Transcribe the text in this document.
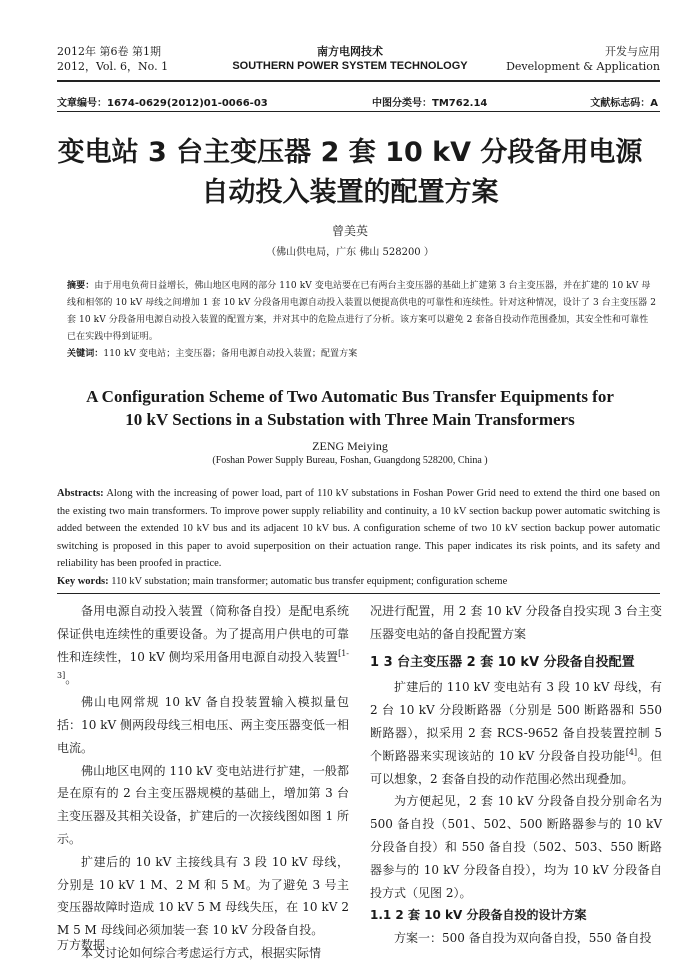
2012年 第6卷 第1期
2012，Vol. 6，No. 1
南方电网技术
SOUTHERN POWER SYSTEM TECHNOLOGY
开发与应用
Development & Application
文章编号：1674-0629(2012)01-0066-03	中图分类号：TM762.14	文献标志码：A
变电站 3 台主变压器 2 套 10 kV 分段备用电源
自动投入装置的配置方案
曾美英
（佛山供电局，广东 佛山 528200 ）
摘要：由于用电负荷日益增长，佛山地区电网的部分 110 kV 变电站要在已有两台主变压器的基础上扩建第 3 台主变压器，并在扩建的 10 kV 母线和相邻的 10 kV 母线之间增加 1 套 10 kV 分段备用电源自动投入装置以便提高供电的可靠性和连续性。针对这种情况，设计了 3 台主变压器 2 套 10 kV 分段备用电源自动投入装置的配置方案，并对其中的危险点进行了分析。该方案可以避免 2 套备自投动作范围叠加，其安全性和可靠性已在实践中得到证明。
关键词：110 kV 变电站；主变压器；备用电源自动投入装置；配置方案
A Configuration Scheme of Two Automatic Bus Transfer Equipments for
10 kV Sections in a Substation with Three Main Transformers
ZENG Meiying
(Foshan Power Supply Bureau, Foshan, Guangdong 528200, China )
Abstracts: Along with the increasing of power load, part of 110 kV substations in Foshan Power Grid need to extend the third one based on the existing two main transformers. To improve power supply reliability and continuity, a 10 kV section backup power automatic switching is added between the extended 10 kV bus and its adjacent 10 kV bus. A configuration scheme of two 10 kV section backup power automatic switching is proposed in this paper to avoid superposition on their actuation range. This paper indicates its risk points, and its safety and reliability has been proofed in practice.
Key words: 110 kV substation; main transformer; automatic bus transfer equipment; configuration scheme

备用电源自动投入装置（简称备自投）是配电系统保证供电连续性的重要设备。为了提高用户供电的可靠性和连续性，10 kV 侧均采用备用电源自动投入装置[1-3]。

佛山电网常规 10 kV 备自投装置输入模拟量包括：10 kV 侧两段母线三相电压、两主变压器变低一相电流。

佛山地区电网的 110 kV 变电站进行扩建，一般都是在原有的 2 台主变压器规模的基础上，增加第 3 台主变压器及其相关设备，扩建后的一次接线图如图 1 所示。

扩建后的 10 kV 主接线具有 3 段 10 kV 母线，分别是 10 kV 1 M、2 M 和 5 M。为了避免 3 号主变压器故障时造成 10 kV 5 M 母线失压，在 10 kV 2 M 5 M 母线间必须加装一套 10 kV 分段备自投。

本文讨论如何综合考虑运行方式，根据实际情

况进行配置，用 2 套 10 kV 分段备自投实现 3 台主变压器变电站的备自投配置方案

1 3 台主变压器 2 套 10 kV 分段备自投配置

扩建后的 110 kV 变电站有 3 段 10 kV 母线，有 2 台 10 kV 分段断路器（分别是 500 断路器和 550 断路器），拟采用 2 套 RCS-9652 备自投装置控制 5 个断路器来实现该站的 10 kV 分段备自投功能[4]。但可以想象，2 套备自投的动作范围必然出现叠加。

为方便起见，2 套 10 kV 分段备自投分别命名为 500 备自投（501、502、500 断路器参与的 10 kV 分段备自投）和 550 备自投（502、503、550 断路器参与的 10 kV 分段备自投），均为 10 kV 分段备自投方式（见图 2）。

1.1 2 套 10 kV 分段备自投的设计方案

方案一：500 备自投为双向备自投，550 备自投

万方数据
